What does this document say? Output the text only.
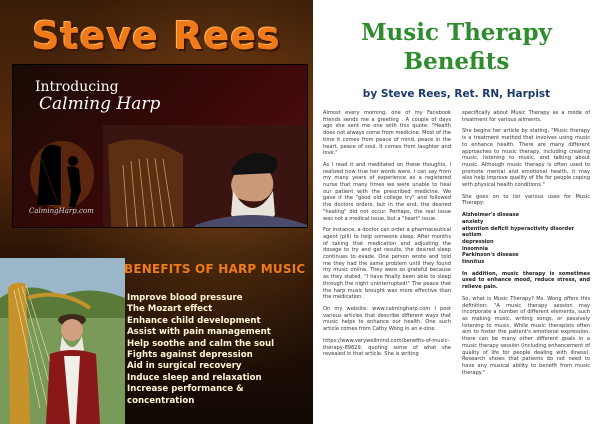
Steve Rees
Introducing
Calming Harp
CalmingHarp.com
BENEFITS OF HARP MUSIC
Improve blood pressure
The Mozart effect
Enhance child development
Assist with pain management
Help soothe and calm the soul
Fights against depression
Aid in surgical recovery
Induce sleep and relaxation
Increase performance & concentration
Music Therapy Benefits
by Steve Rees, Ret. RN, Harpist

Almost every morning, one of my Facebook friends sends me a greeting . A couple of days ago she sent me one with this quote: "Health does not always come from medicine. Most of the time it comes from peace of mind, peace in the heart, peace of soul. It comes from laughter and love."

As I read it and meditated on these thoughts, I realized how true her words were. I can say from my many years of experience as a registered nurse that many times we were unable to heal our patient with the prescribed medicine. We gave it the "good old college try" and followed the doctors orders, but in the end, the desired "healing" did not occur. Perhaps, the real issue was not a medical issue, but a "heart" issue.

For instance, a doctor can order a pharmaceutical agent (pill) to help someone sleep. After months of taking that medication and adjusting the dosage to try and get results, the desired sleep continues to evade. One person wrote and told me they had the same problem until they found my music online. They were so grateful because as they stated, "I have finally been able to sleep through the night uninterrupted!" The peace that the harp music brought was more effective than the medication.

On my website: www.calmingharp.com I post various articles that describe different ways that music helps to enhance our health. One such article comes from Cathy Wong in an e-zine.

https://www.verywellmind.com/benefits-of-music-therapy-89829, quoting some of what she revealed in that article. She is writing

specifically about Music Therapy as a mode of treatment for various ailments.

She begins her article by stating, "Music therapy is a treatment method that involves using music to enhance health. There are many different approaches to music therapy, including creating music, listening to music, and talking about music. Although music therapy is often used to promote mental and emotional health, it may also help improve quality of life for people coping with physical health conditions."

She goes on to list various uses for Music Therapy:

Alzheimer's disease
anxiety
attention deficit hyperactivity disorder
autism
depression
insomnia
Parkinson's disease
tinnitus

In addition, music therapy is sometimes used to enhance mood, reduce stress, and relieve pain.

So, what is Music Therapy? Ms. Wong offers this definition: "A music therapy session may incorporate a number of different elements, such as making music, writing songs, or passively listening to music. While music therapists often aim to foster the patient's emotional expression, there can be many other different goals in a music therapy session (including enhancement of quality of life for people dealing with illness). Research shows that patients do not need to have any musical ability to benefit from music therapy."
